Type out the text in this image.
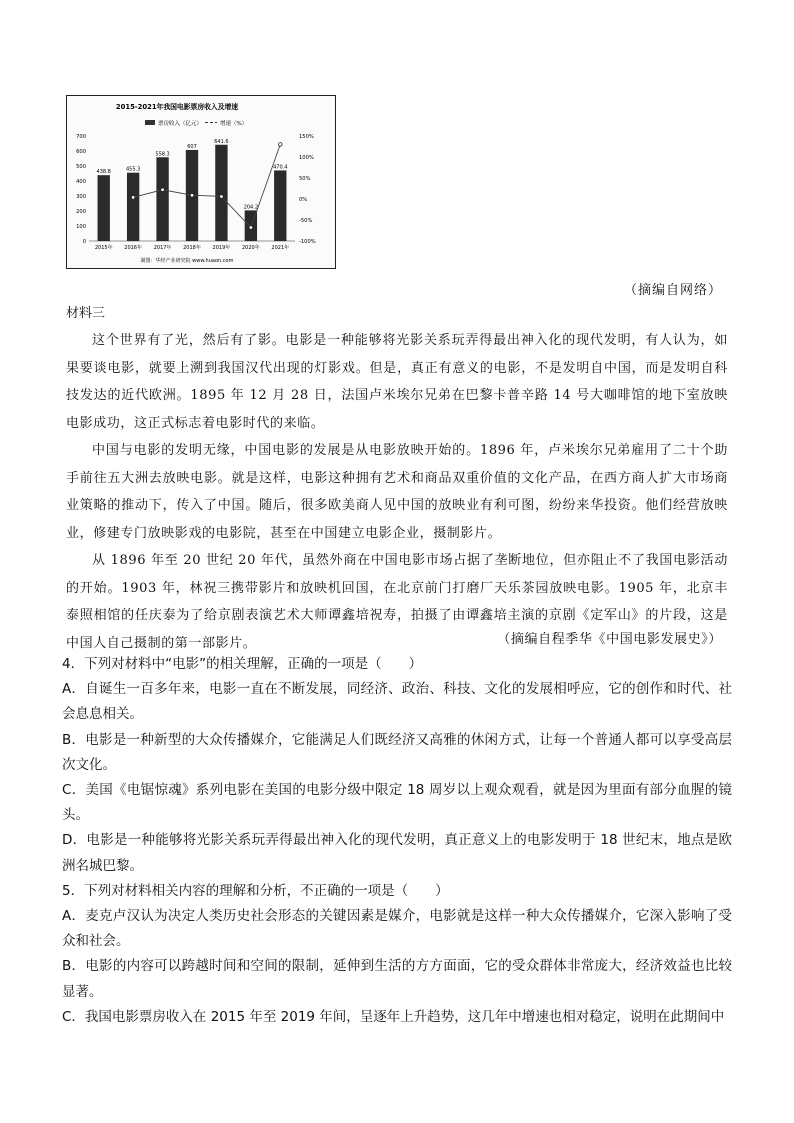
2015-2021年我国电影票房收入及增速
票房收入（亿元）	增速（%）
0
100
200
300
400
500
600
700	150%
100%
50%
0%
-50%
-100%
438.8
2015年
455.3
2016年
558.3
2017年
607
2018年
641.6
2019年
204.2
2020年
470.4
2021年
制图：华经产业研究院 www.huaon.com
（摘编自网络）
材料三

这个世界有了光，然后有了影。电影是一种能够将光影关系玩弄得最出神入化的现代发明，有人认为，如果要谈电影，就要上溯到我国汉代出现的灯影戏。但是，真正有意义的电影，不是发明自中国，而是发明自科技发达的近代欧洲。1895 年 12 月 28 日，法国卢米埃尔兄弟在巴黎卡普辛路 14 号大咖啡馆的地下室放映电影成功，这正式标志着电影时代的来临。

中国与电影的发明无缘，中国电影的发展是从电影放映开始的。1896 年，卢米埃尔兄弟雇用了二十个助手前往五大洲去放映电影。就是这样，电影这种拥有艺术和商品双重价值的文化产品，在西方商人扩大市场商业策略的推动下，传入了中国。随后，很多欧美商人见中国的放映业有利可图，纷纷来华投资。他们经营放映业，修建专门放映影戏的电影院，甚至在中国建立电影企业，摄制影片。

从 1896 年至 20 世纪 20 年代，虽然外商在中国电影市场占据了垄断地位，但亦阻止不了我国电影活动的开始。1903 年，林祝三携带影片和放映机回国，在北京前门打磨厂天乐茶园放映电影。1905 年，北京丰泰照相馆的任庆泰为了给京剧表演艺术大师谭鑫培祝寿，拍摄了由谭鑫培主演的京剧《定军山》的片段，这是中国人自己摄制的第一部影片。	（摘编自程季华《中国电影发展史》）

4．下列对材料中“电影”的相关理解，正确的一项是（　　）

A．自诞生一百多年来，电影一直在不断发展，同经济、政治、科技、文化的发展相呼应，它的创作和时代、社会息息相关。

B．电影是一种新型的大众传播媒介，它能满足人们既经济又高雅的休闲方式，让每一个普通人都可以享受高层次文化。

C．美国《电锯惊魂》系列电影在美国的电影分级中限定 18 周岁以上观众观看，就是因为里面有部分血腥的镜头。

D．电影是一种能够将光影关系玩弄得最出神入化的现代发明，真正意义上的电影发明于 18 世纪末，地点是欧洲名城巴黎。

5．下列对材料相关内容的理解和分析，不正确的一项是（　　）

A．麦克卢汉认为决定人类历史社会形态的关键因素是媒介，电影就是这样一种大众传播媒介，它深入影响了受众和社会。

B．电影的内容可以跨越时间和空间的限制，延伸到生活的方方面面，它的受众群体非常庞大，经济效益也比较显著。

C．我国电影票房收入在 2015 年至 2019 年间，呈逐年上升趋势，这几年中增速也相对稳定，说明在此期间中
